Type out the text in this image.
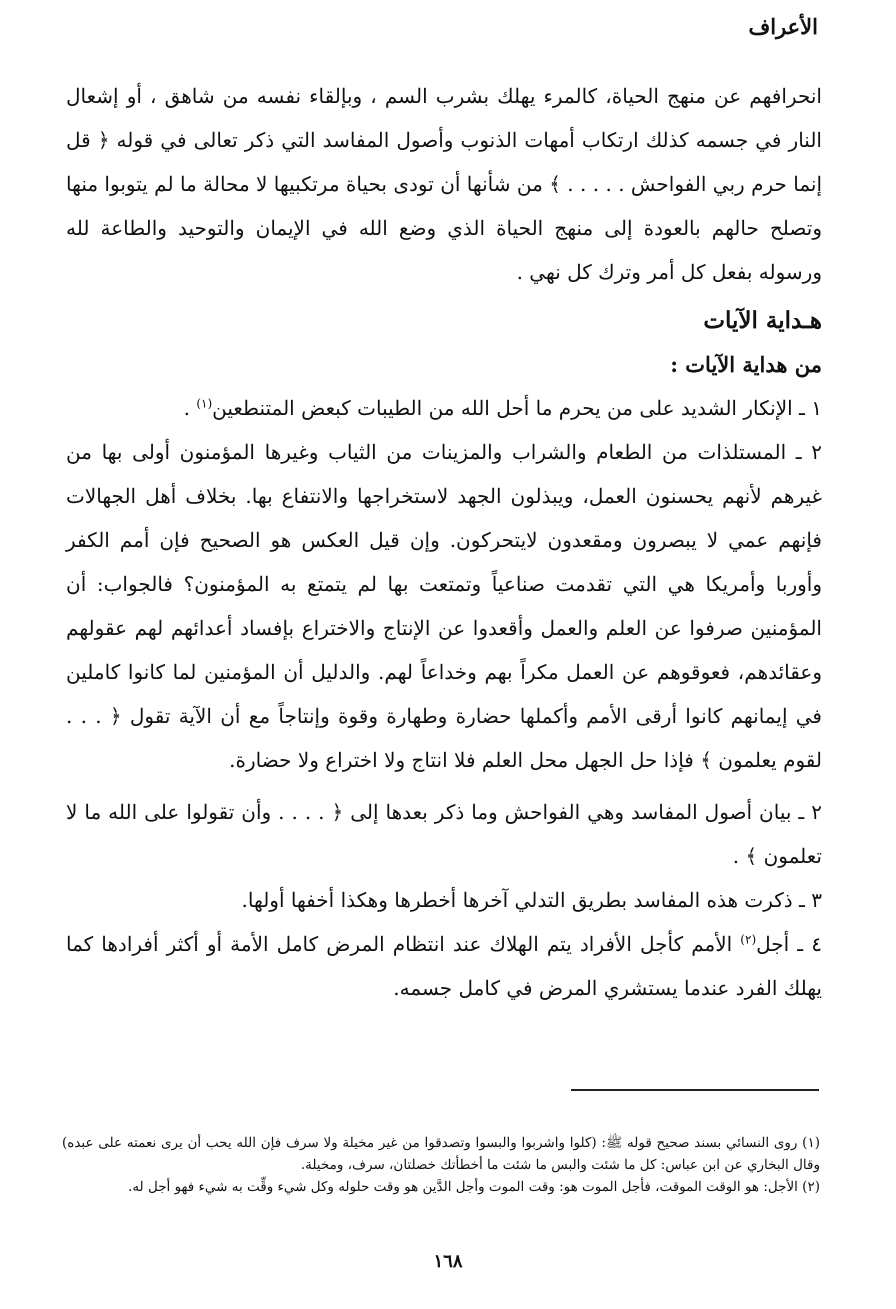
الأعراف

انحرافهم عن منهج الحياة، كالمرء يهلك بشرب السم ، وبإلقاء نفسه من شاهق ، أو إشعال النار في جسمه كذلك ارتكاب أمهات الذنوب وأصول المفاسد التي ذكر تعالى في قوله ﴿ قل إنما حرم ربي الفواحش . . . . . ﴾ من شأنها أن تودى بحياة مرتكبيها لا محالة ما لم يتوبوا منها وتصلح حالهم بالعودة إلى منهج الحياة الذي وضع الله في الإيمان والتوحيد والطاعة لله ورسوله بفعل كل أمر وترك كل نهي .

هـداية الآيات

من هداية الآيات :

١ ـ الإنكار الشديد على من يحرم ما أحل الله من الطيبات كبعض المتنطعين$^{(١)}$ .

٢ ـ المستلذات من الطعام والشراب والمزينات من الثياب وغيرها المؤمنون أولى بها من غيرهم لأنهم يحسنون العمل، ويبذلون الجهد لاستخراجها والانتفاع بها. بخلاف أهل الجهالات فإنهم عمي لا يبصرون ومقعدون لايتحركون. وإن قيل العكس هو الصحيح فإن أمم الكفر وأوربا وأمريكا هي التي تقدمت صناعياً وتمتعت بها لم يتمتع به المؤمنون؟ فالجواب: أن المؤمنين صرفوا عن العلم والعمل وأقعدوا عن الإنتاج والاختراع بإفساد أعدائهم لهم عقولهم وعقائدهم، فعوقوهم عن العمل مكراً بهم وخداعاً لهم. والدليل أن المؤمنين لما كانوا كاملين في إيمانهم كانوا أرقى الأمم وأكملها حضارة وطهارة وقوة وإنتاجاً مع أن الآية تقول ﴿ . . . لقوم يعلمون ﴾ فإذا حل الجهل محل العلم فلا انتاج ولا اختراع ولا حضارة.

٢ ـ بيان أصول المفاسد وهي الفواحش وما ذكر بعدها إلى ﴿ . . . . وأن تقولوا على الله ما لا تعلمون ﴾ .

٣ ـ ذكرت هذه المفاسد بطريق التدلي آخرها أخطرها وهكذا أخفها أولها.

٤ ـ أجل$^{(٢)}$ الأمم كأجل الأفراد يتم الهلاك عند انتظام المرض كامل الأمة أو أكثر أفرادها كما يهلك الفرد عندما يستشري المرض في كامل جسمه.

(١) روى النسائي بسند صحيح قوله ﷺ: (كلوا واشربوا والبسوا وتصدقوا من غير مخيلة ولا سرف فإن الله يحب أن يرى نعمته على عبده) وقال البخاري عن ابن عباس: كل ما شئت والبس ما شئت ما أخطأتك خصلتان، سرف، ومخيلة.

(٢) الأجل: هو الوقت الموقت، فأجل الموت هو: وقت الموت وأجل الدَّين هو وقت حلوله وكل شيء وقِّت به شيء فهو أجل له.

١٦٨
